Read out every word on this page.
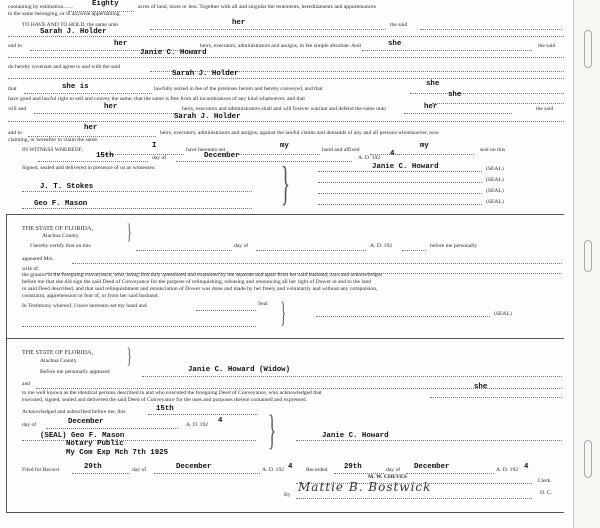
containing by estimation.......	Eighty	acres of land, more or less. Together with all and singular the tenements, hereditaments and appurtenances
to the same belonging, or in anywise appertaining.
TO HAVE AND TO HOLD, the same unto	her	the said
Sarah J. Holder
and to	her	heirs, executors, administrators and assigns, in fee simple absolute. And	she	the said
Janie C. Howard
do hereby covenant and agree to and with the said
Sarah J. Holder
that	she is	lawfully seized in fee of the premises herein and hereby conveyed, and that
she
have good and lawful right to sell and convey the same; that the same is free from all incumbrances of any kind whatsoever, and that	she
will and	her	heirs, executors and administrators shall and will forever warrant and defend the same unto	her	the said
Sarah J. Holder
and to
her
heirs, executors, administrators and assigns, against the lawful claims and demands of any and all persons whomsoever, now
claiming, or hereafter to claim the same.
IN WITNESS WHEREOF,	I	have hereunto set	my	hand and affixed	my	seal on this
15th	day of	December	A. D. 192 4
Signed, sealed and delivered in presence of us as witnesses:	}	Janie C. Howard	(SEAL)
J. T. Stokes
(SEAL)
(SEAL)
Geo F. Mason	(SEAL)
THE STATE OF FLORIDA, }
Alachua County.
I hereby certify that on this	day of	A. D. 192	before me personally
appeared Mrs.
wife of
the grantor in the foregoing conveyance, who, being first duly questioned and examined by me separate and apart from her said husband, says and acknowledges
before me that she did sign the said Deed of Conveyance for the purpose of relinquishing, releasing and renouncing all her right of Dower in and to the land
in said Deed described, and that said relinquishment and renunciation of Dower was done and made by her freely and voluntarily and without any compulsion,
constraint, apprehension or fear of, or from her said husband.
In Testimony whereof, I have hereunto set my hand and	Seal }	(SEAL)
THE STATE OF FLORIDA, }
Alachua County.
Before me personally appeared	Janie C. Howard (Widow)
and	she
to me well known as the identical persons described in and who executed the foregoing Deed of Conveyance, who acknowledged that
executed, signed, sealed and delivered the said Deed of Conveyance for the uses and purposes therein contained and expressed.
Acknowledged and subscribed before me, this	15th
day of	December	A. D. 192 4 }
(SEAL) Geo F. Mason
Notary Public
My Com Exp Mch 7th 1925
Janie C. Howard
Filed for Record	29th	day of	December	A. D. 192 4 Recorded 29th	day of December	A. D. 192 4
M. W. CHEVES
Clerk.
By
Mattie B. Bostwick	D. C.
